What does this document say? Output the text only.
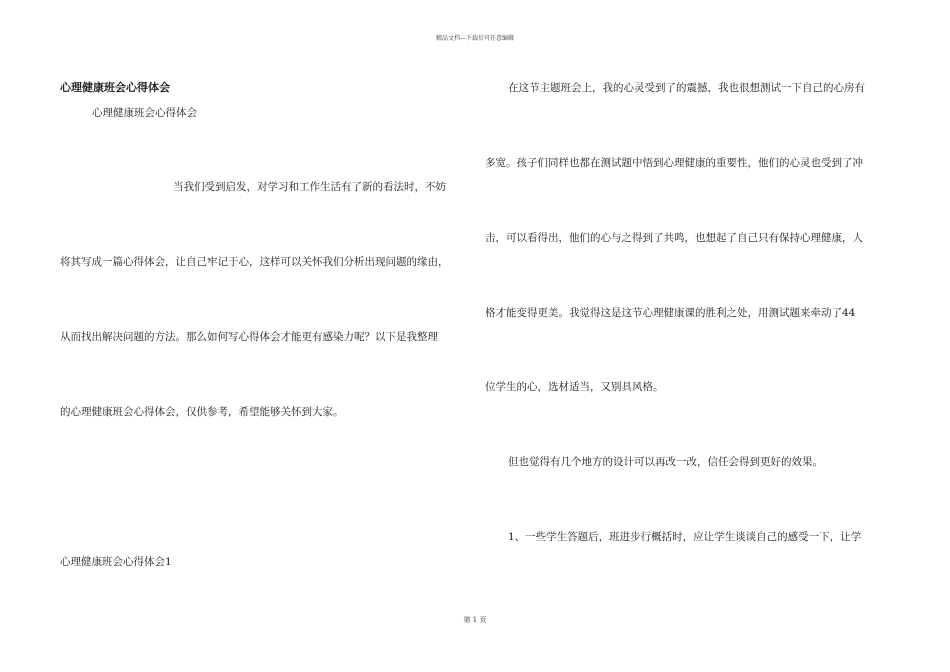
精品文档---下载后可任意编辑
心理健康班会心得体会
心理健康班会心得体会
当我们受到启发，对学习和工作生活有了新的看法时，不妨
将其写成一篇心得体会，让自己牢记于心，这样可以关怀我们分析出现问题的缘由，
从而找出解决问题的方法。那么如何写心得体会才能更有感染力呢？以下是我整理
的心理健康班会心得体会，仅供参考，希望能够关怀到大家。
心理健康班会心得体会1
在这节主题班会上，我的心灵受到了的震撼，我也很想测试一下自己的心房有
多宽。孩子们同样也都在测试题中悟到心理健康的重要性，他们的心灵也受到了冲
击，可以看得出，他们的心与之得到了共鸣，也想起了自己只有保持心理健康，人
格才能变得更美。我觉得这是这节心理健康课的胜利之处，用测试题来牵动了44
位学生的心，选材适当，又别具风格。
但也觉得有几个地方的设计可以再改一改，信任会得到更好的效果。
1、一些学生答题后，班进步行概括时，应让学生谈谈自己的感受一下，让学
第 1 页
